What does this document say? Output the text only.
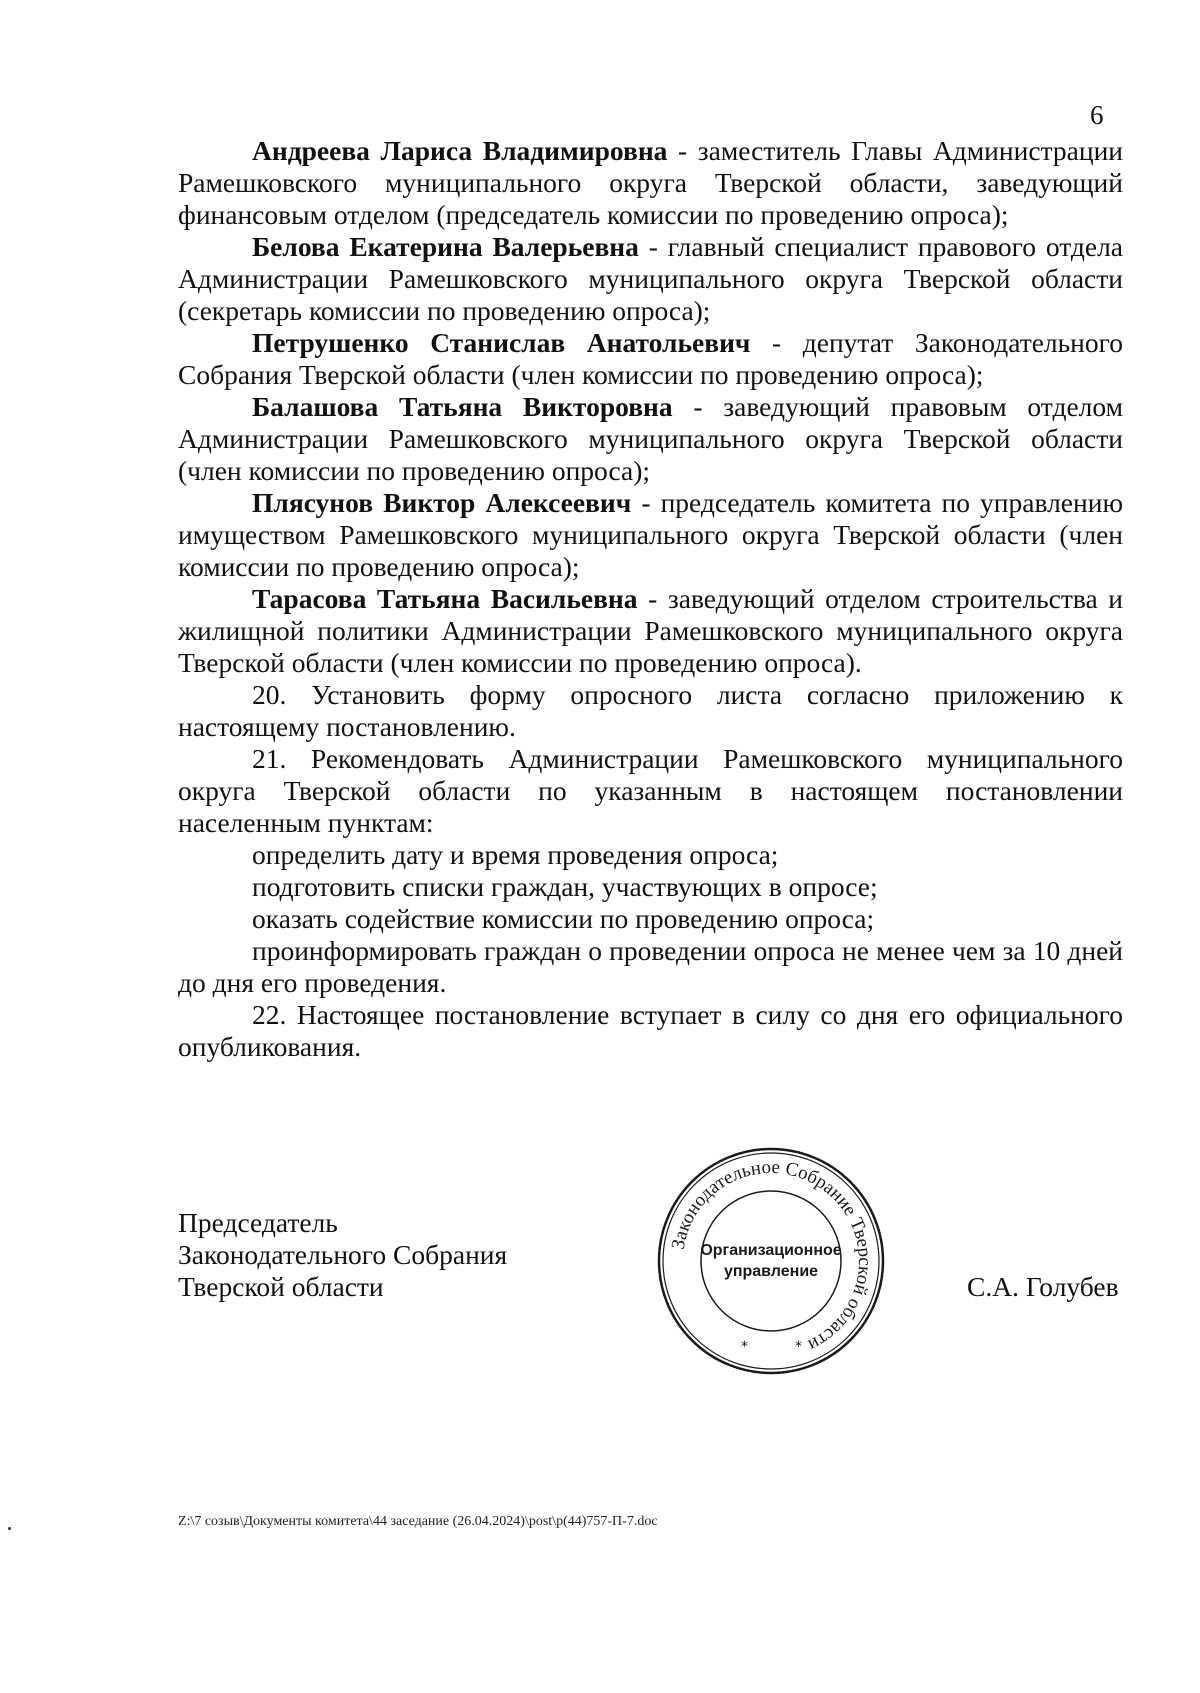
6

Андреева Лариса Владимировна - заместитель Главы Администрации Рамешковского муниципального округа Тверской области, заведующий финансовым отделом (председатель комиссии по проведению опроса);

Белова Екатерина Валерьевна - главный специалист правового отдела Администрации Рамешковского муниципального округа Тверской области (секретарь комиссии по проведению опроса);

Петрушенко Станислав Анатольевич - депутат Законодательного Собрания Тверской области (член комиссии по проведению опроса);

Балашова Татьяна Викторовна - заведующий правовым отделом Администрации Рамешковского муниципального округа Тверской области (член комиссии по проведению опроса);

Плясунов Виктор Алексеевич - председатель комитета по управлению имуществом Рамешковского муниципального округа Тверской области (член комиссии по проведению опроса);

Тарасова Татьяна Васильевна - заведующий отделом строительства и жилищной политики Администрации Рамешковского муниципального округа Тверской области (член комиссии по проведению опроса).

20. Установить форму опросного листа согласно приложению к настоящему постановлению.

21. Рекомендовать Администрации Рамешковского муниципального округа Тверской области по указанным в настоящем постановлении населенным пунктам:

определить дату и время проведения опроса;

подготовить списки граждан, участвующих в опросе;

оказать содействие комиссии по проведению опроса;

проинформировать граждан о проведении опроса не менее чем за 10 дней до дня его проведения.

22. Настоящее постановление вступает в силу со дня его официального опубликования.

Председатель
Законодательного Собрания
Тверской области
Законодательное Собрание Тверской области
*	*
Организационное
управление	С.А. Голубев
Z:\7 созыв\Документы комитета\44 заседание (26.04.2024)\post\p(44)757-П-7.doc
